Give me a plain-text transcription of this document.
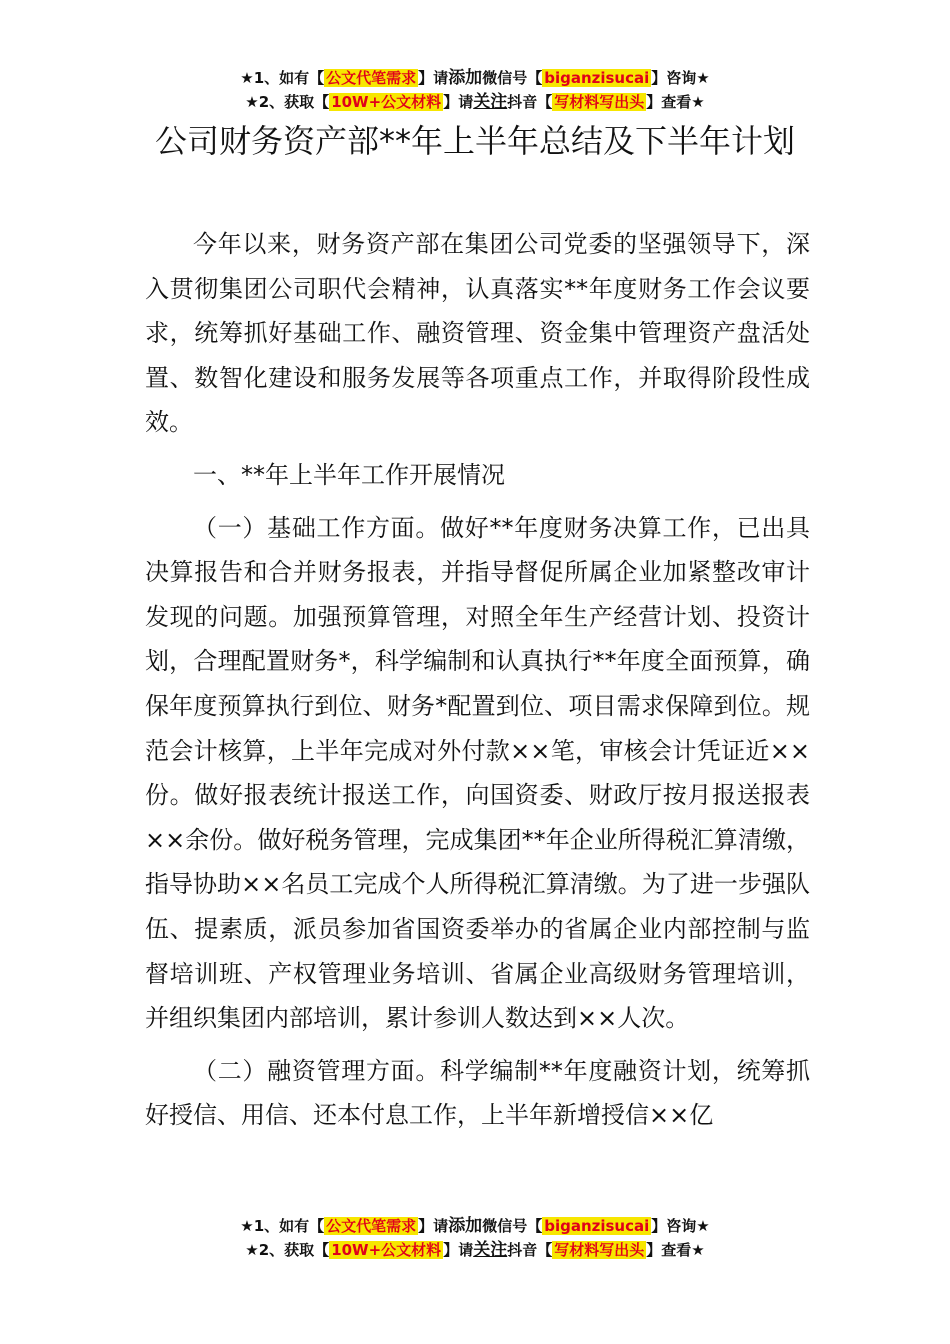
★1、如有【 公文代笔需求 】请添加微信号【 biganzisucai 】咨询★
★2、获取【 10W+公文材料 】请关注抖音【 写材料写出头 】查看★
公司财务资产部**年上半年总结及下半年计划

今年以来，财务资产部在集团公司党委的坚强领导下，深入贯彻集团公司职代会精神，认真落实**年度财务工作会议要求，统筹抓好基础工作、融资管理、资金集中管理资产盘活处置、数智化建设和服务发展等各项重点工作，并取得阶段性成效。

一、**年上半年工作开展情况

（一）基础工作方面。做好**年度财务决算工作，已出具决算报告和合并财务报表，并指导督促所属企业加紧整改审计发现的问题。加强预算管理，对照全年生产经营计划、投资计划，合理配置财务*，科学编制和认真执行**年度全面预算，确保年度预算执行到位、财务*配置到位、项目需求保障到位。规范会计核算，上半年完成对外付款××笔，审核会计凭证近××份。做好报表统计报送工作，向国资委、财政厅按月报送报表××余份。做好税务管理，完成集团**年企业所得税汇算清缴，指导协助××名员工完成个人所得税汇算清缴。为了进一步强队伍、提素质，派员参加省国资委举办的省属企业内部控制与监督培训班、产权管理业务培训、省属企业高级财务管理培训，并组织集团内部培训，累计参训人数达到××人次。

（二）融资管理方面。科学编制**年度融资计划，统筹抓好授信、用信、还本付息工作，上半年新增授信××亿

★1、如有【 公文代笔需求 】请添加微信号【 biganzisucai 】咨询★
★2、获取【 10W+公文材料 】请关注抖音【 写材料写出头 】查看★
